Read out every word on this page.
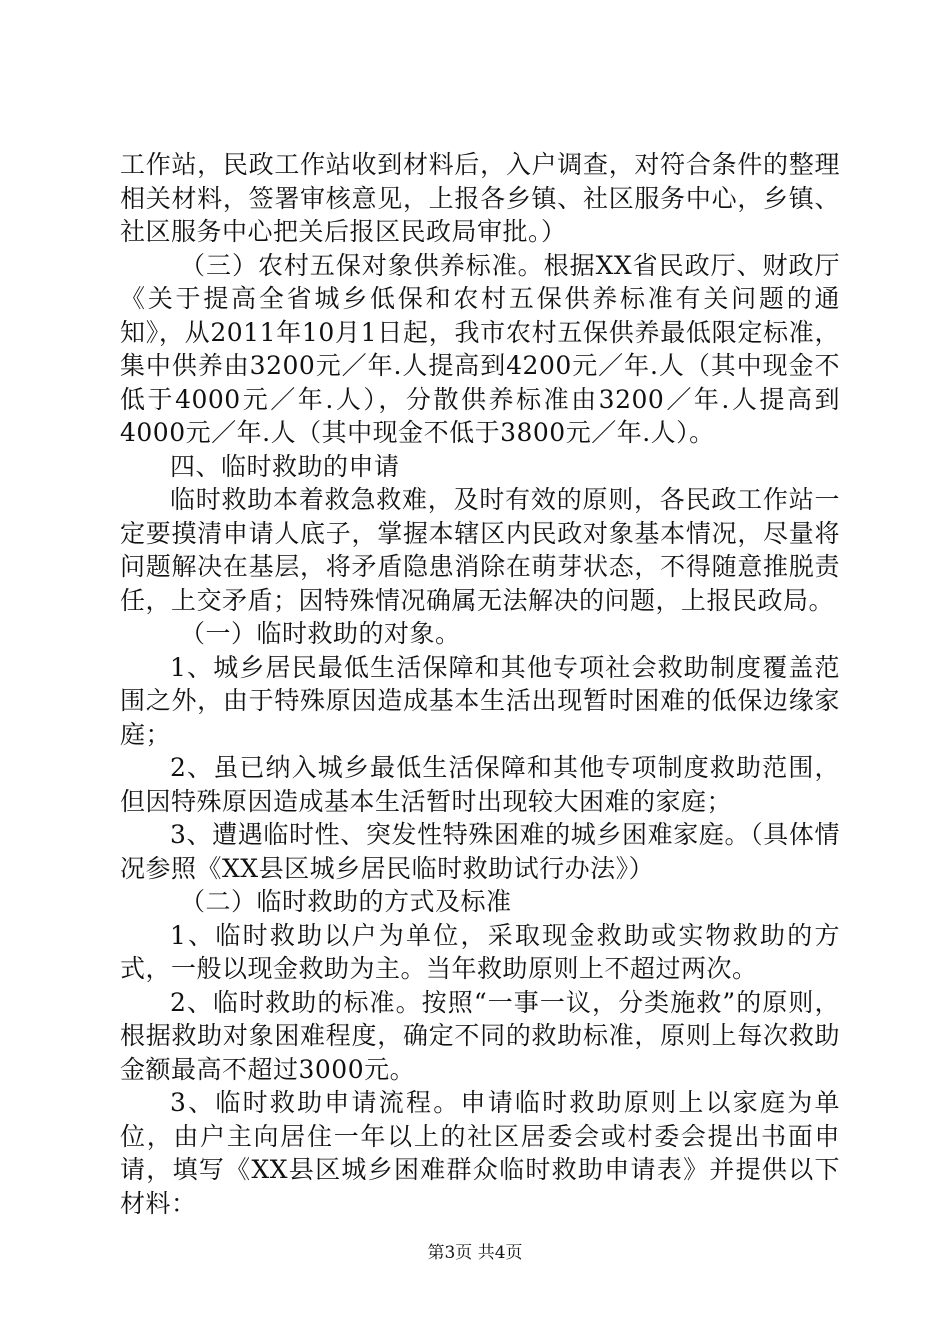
工作站，民政工作站收到材料后，入户调查，对符合条件的整理相关材料，签署审核意见，上报各乡镇、社区服务中心，乡镇、社区服务中心把关后报区民政局审批。）

（三）农村五保对象供养标准。根据XX省民政厅、财政厅《关于提高全省城乡低保和农村五保供养标准有关问题的通知》，从2011年10月1日起，我市农村五保供养最低限定标准，集中供养由3200元／年.人提高到4200元／年.人（其中现金不低于4000元／年.人），分散供养标准由3200／年.人提高到4000元／年.人（其中现金不低于3800元／年.人）。

四、临时救助的申请

临时救助本着救急救难，及时有效的原则，各民政工作站一定要摸清申请人底子，掌握本辖区内民政对象基本情况，尽量将问题解决在基层，将矛盾隐患消除在萌芽状态，不得随意推脱责任，上交矛盾；因特殊情况确属无法解决的问题，上报民政局。

（一）临时救助的对象。

1、城乡居民最低生活保障和其他专项社会救助制度覆盖范围之外，由于特殊原因造成基本生活出现暂时困难的低保边缘家庭；

2、虽已纳入城乡最低生活保障和其他专项制度救助范围，但因特殊原因造成基本生活暂时出现较大困难的家庭；

3、遭遇临时性、突发性特殊困难的城乡困难家庭。（具体情况参照《XX县区城乡居民临时救助试行办法》）

（二）临时救助的方式及标准

1、临时救助以户为单位，采取现金救助或实物救助的方式，一般以现金救助为主。当年救助原则上不超过两次。

2、临时救助的标准。按照“一事一议，分类施救”的原则，根据救助对象困难程度，确定不同的救助标准，原则上每次救助金额最高不超过3000元。

3、临时救助申请流程。申请临时救助原则上以家庭为单位，由户主向居住一年以上的社区居委会或村委会提出书面申请，填写《XX县区城乡困难群众临时救助申请表》并提供以下材料：

第3页 共4页
